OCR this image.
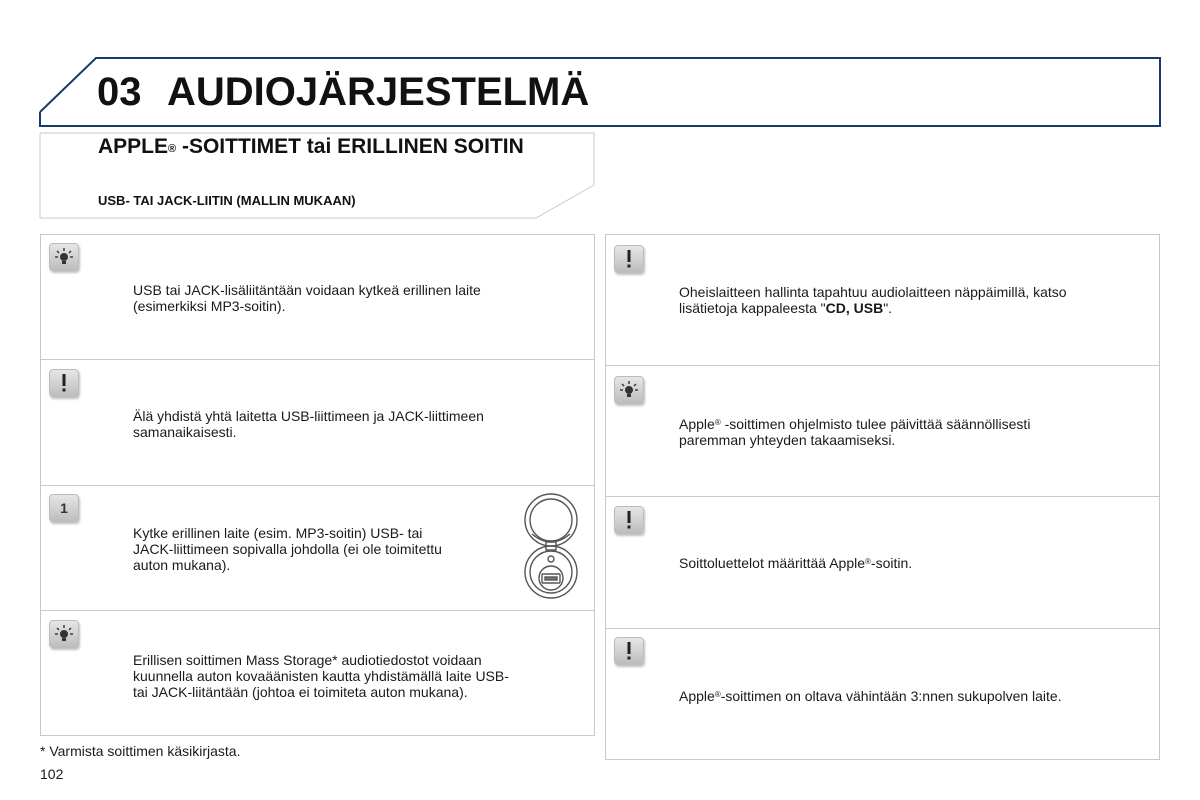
03 AUDIOJÄRJESTELMÄ
APPLE® -SOITTIMET tai ERILLINEN SOITIN
USB- TAI JACK-LIITIN (MALLIN MUKAAN)
USB tai JACK-lisäliitäntään voidaan kytkeä erillinen laite
(esimerkiksi MP3-soitin).
Älä yhdistä yhtä laitetta USB-liittimeen ja JACK-liittimeen
samanaikaisesti.
1
Kytke erillinen laite (esim. MP3-soitin) USB- tai
JACK-liittimeen sopivalla johdolla (ei ole toimitettu
auton mukana).
Erillisen soittimen Mass Storage* audiotiedostot voidaan
kuunnella auton kovaäänisten kautta yhdistämällä laite USB-
tai JACK-liitäntään (johtoa ei toimiteta auton mukana).
Oheislaitteen hallinta tapahtuu audiolaitteen näppäimillä, katso
lisätietoja kappaleesta "CD, USB".
Apple® -soittimen ohjelmisto tulee päivittää säännöllisesti
paremman yhteyden takaamiseksi.
Soittoluettelot määrittää Apple®-soitin.
Apple®-soittimen on oltava vähintään 3:nnen sukupolven laite.
* Varmista soittimen käsikirjasta.
102
